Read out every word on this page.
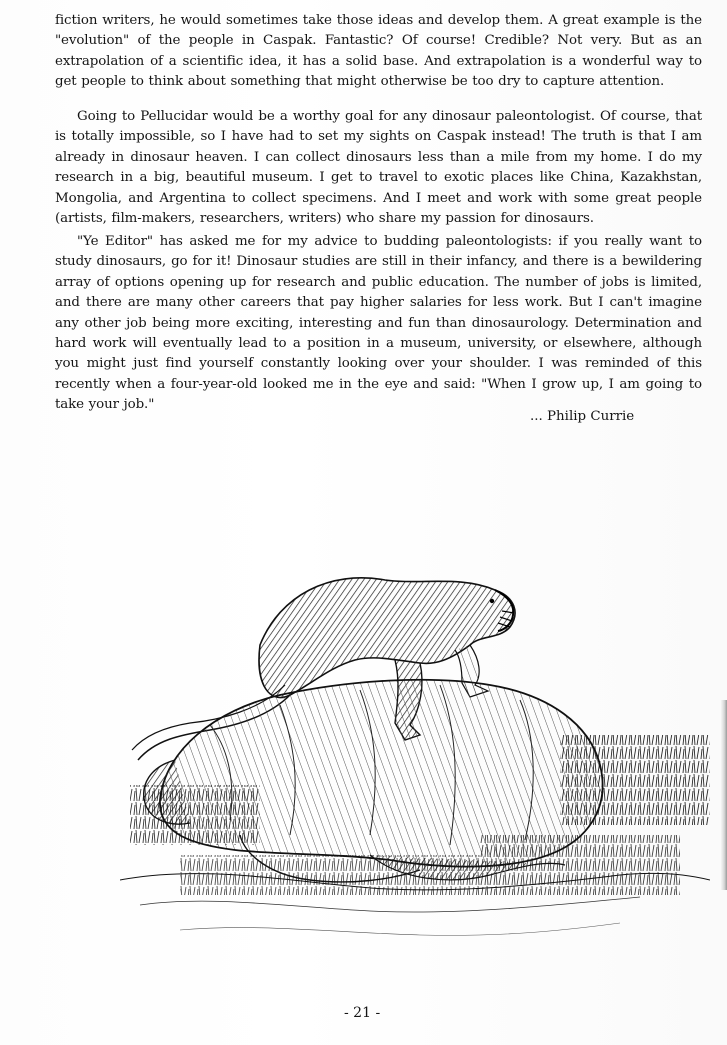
fiction writers, he would sometimes take those ideas and develop them. A great example is the "evolution" of the people in Caspak. Fantastic? Of course! Credible? Not very. But as an extrapolation of a scientific idea, it has a solid base. And extrapolation is a wonderful way to get people to think about something that might otherwise be too dry to capture attention.

Going to Pellucidar would be a worthy goal for any dinosaur paleontologist. Of course, that is totally impossible, so I have had to set my sights on Caspak instead! The truth is that I am already in dinosaur heaven. I can collect dinosaurs less than a mile from my home. I do my research in a big, beautiful museum. I get to travel to exotic places like China, Kazakhstan, Mongolia, and Argentina to collect specimens. And I meet and work with some great people (artists, film-makers, researchers, writers) who share my passion for dinosaurs.

"Ye Editor" has asked me for my advice to budding paleontologists: if you really want to study dinosaurs, go for it! Dinosaur studies are still in their infancy, and there is a bewildering array of options opening up for research and public education. The number of jobs is limited, and there are many other careers that pay higher salaries for less work. But I can't imagine any other job being more exciting, interesting and fun than dinosaurology. Determination and hard work will eventually lead to a position in a museum, university, or elsewhere, although you might just find yourself constantly looking over your shoulder. I was reminded of this recently when a four-year-old looked me in the eye and said: "When I grow up, I am going to take your job."

... Philip Currie

- 21 -
